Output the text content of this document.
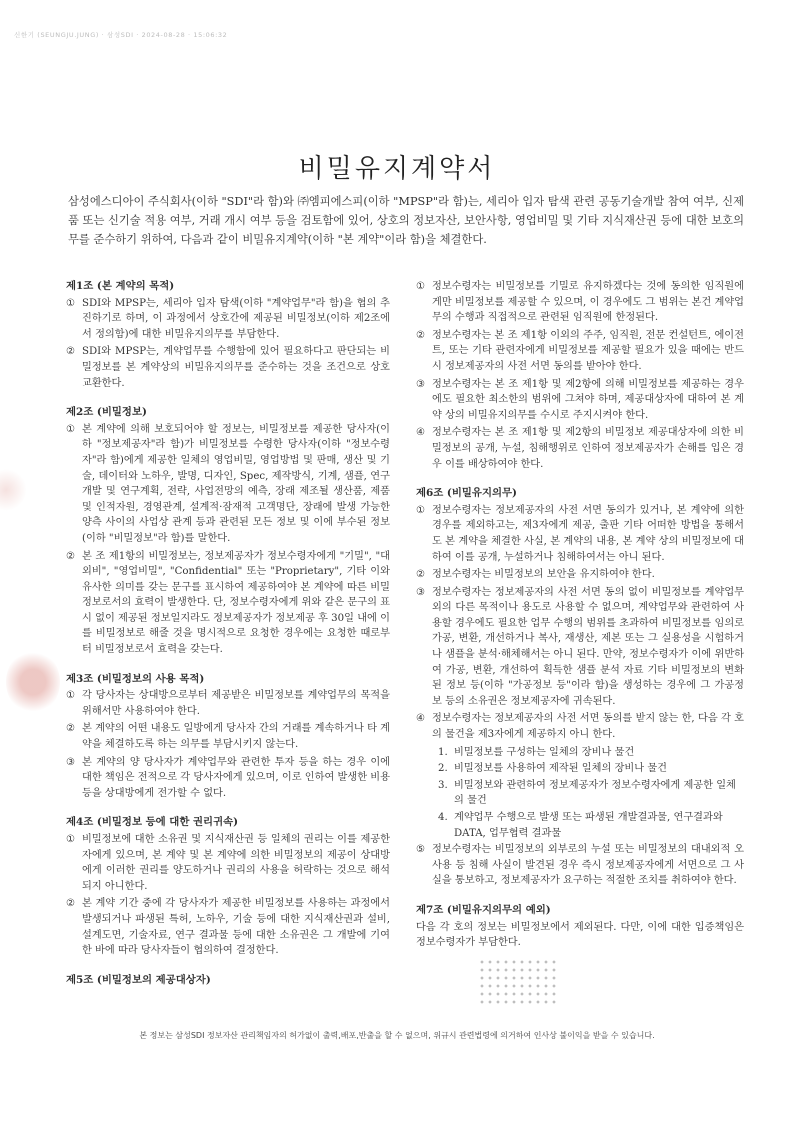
신한기 (SEUNGJU.JUNG) · 삼성SDI · 2024-08-28 · 15:06:32
비밀유지계약서
삼성에스디아이 주식회사(이하 "SDI"라 함)와 ㈜엠피에스피(이하 "MPSP"라 함)는, 세리아 입자 탐색 관련 공동기술개발 참여 여부, 신제품 또는 신기술 적용 여부, 거래 개시 여부 등을 검토함에 있어, 상호의 정보자산, 보안사항, 영업비밀 및 기타 지식재산권 등에 대한 보호의무를 준수하기 위하여, 다음과 같이 비밀유지계약(이하 "본 계약"이라 함)을 체결한다.
제1조 (본 계약의 목적)
① SDI와 MPSP는, 세리아 입자 탐색(이하 "계약업무"라 함)을 협의 추진하기로 하며, 이 과정에서 상호간에 제공된 비밀정보(이하 제2조에서 정의함)에 대한 비밀유지의무를 부담한다.
② SDI와 MPSP는, 계약업무를 수행함에 있어 필요하다고 판단되는 비밀정보를 본 계약상의 비밀유지의무를 준수하는 것을 조건으로 상호 교환한다.
제2조 (비밀정보)
① 본 계약에 의해 보호되어야 할 정보는, 비밀정보를 제공한 당사자(이하 "정보제공자"라 함)가 비밀정보를 수령한 당사자(이하 "정보수령자"라 함)에게 제공한 일체의 영업비밀, 영업방법 및 판매, 생산 및 기술, 데이터와 노하우, 발명, 디자인, Spec, 제작방식, 기계, 샘플, 연구개발 및 연구계획, 전략, 사업전망의 예측, 장래 제조될 생산품, 제품 및 인적자원, 경영관계, 설계적·잠재적 고객명단, 장래에 발생 가능한 양측 사이의 사업상 관계 등과 관련된 모든 정보 및 이에 부수된 정보(이하 "비밀정보"라 함)를 말한다.
② 본 조 제1항의 비밀정보는, 정보제공자가 정보수령자에게 "기밀", "대외비", "영업비밀", "Confidential" 또는 "Proprietary", 기타 이와 유사한 의미를 갖는 문구를 표시하여 제공하여야 본 계약에 따른 비밀정보로서의 효력이 발생한다. 단, 정보수령자에게 위와 같은 문구의 표시 없이 제공된 정보일지라도 정보제공자가 정보제공 후 30일 내에 이를 비밀정보로 해줄 것을 명시적으로 요청한 경우에는 요청한 때로부터 비밀정보로서 효력을 갖는다.
제3조 (비밀정보의 사용 목적)
① 각 당사자는 상대방으로부터 제공받은 비밀정보를 계약업무의 목적을 위해서만 사용하여야 한다.
② 본 계약의 어떤 내용도 일방에게 당사자 간의 거래를 계속하거나 타 계약을 체결하도록 하는 의무를 부담시키지 않는다.
③ 본 계약의 양 당사자가 계약업무와 관련한 투자 등을 하는 경우 이에 대한 책임은 전적으로 각 당사자에게 있으며, 이로 인하여 발생한 비용 등을 상대방에게 전가할 수 없다.
제4조 (비밀정보 등에 대한 권리귀속)
① 비밀정보에 대한 소유권 및 지식재산권 등 일체의 권리는 이를 제공한 자에게 있으며, 본 계약 및 본 계약에 의한 비밀정보의 제공이 상대방에게 이러한 권리를 양도하거나 권리의 사용을 허락하는 것으로 해석되지 아니한다.
② 본 계약 기간 중에 각 당사자가 제공한 비밀정보를 사용하는 과정에서 발생되거나 파생된 특허, 노하우, 기술 등에 대한 지식재산권과 설비, 설계도면, 기술자료, 연구 결과물 등에 대한 소유권은 그 개발에 기여한 바에 따라 당사자들이 협의하여 결정한다.
제5조 (비밀정보의 제공대상자)
① 정보수령자는 비밀정보를 기밀로 유지하겠다는 것에 동의한 임직원에게만 비밀정보를 제공할 수 있으며, 이 경우에도 그 범위는 본건 계약업무의 수행과 직접적으로 관련된 임직원에 한정된다.
② 정보수령자는 본 조 제1항 이외의 주주, 임직원, 전문 컨설턴트, 에이전트, 또는 기타 관련자에게 비밀정보를 제공할 필요가 있을 때에는 반드시 정보제공자의 사전 서면 동의를 받아야 한다.
③ 정보수령자는 본 조 제1항 및 제2항에 의해 비밀정보를 제공하는 경우에도 필요한 최소한의 범위에 그쳐야 하며, 제공대상자에 대하여 본 계약 상의 비밀유지의무를 수시로 주지시켜야 한다.
④ 정보수령자는 본 조 제1항 및 제2항의 비밀정보 제공대상자에 의한 비밀정보의 공개, 누설, 침해행위로 인하여 정보제공자가 손해를 입은 경우 이를 배상하여야 한다.
제6조 (비밀유지의무)
① 정보수령자는 정보제공자의 사전 서면 동의가 있거나, 본 계약에 의한 경우를 제외하고는, 제3자에게 제공, 출판 기타 어떠한 방법을 통해서도 본 계약을 체결한 사실, 본 계약의 내용, 본 계약 상의 비밀정보에 대하여 이를 공개, 누설하거나 침해하여서는 아니 된다.
② 정보수령자는 비밀정보의 보안을 유지하여야 한다.
③ 정보수령자는 정보제공자의 사전 서면 동의 없이 비밀정보를 계약업무 외의 다른 목적이나 용도로 사용할 수 없으며, 계약업무와 관련하여 사용할 경우에도 필요한 업무 수행의 범위를 초과하여 비밀정보를 임의로 가공, 변환, 개선하거나 복사, 재생산, 제본 또는 그 실용성을 시험하거나 샘플을 분석·해체해서는 아니 된다. 만약, 정보수령자가 이에 위반하여 가공, 변환, 개선하여 획득한 샘플 분석 자료 기타 비밀정보의 변화된 정보 등(이하 "가공정보 등"이라 함)을 생성하는 경우에 그 가공정보 등의 소유권은 정보제공자에 귀속된다.
④ 정보수령자는 정보제공자의 사전 서면 동의를 받지 않는 한, 다음 각 호의 물건을 제3자에게 제공하지 아니 한다.
1. 비밀정보를 구성하는 일체의 장비나 물건
2. 비밀정보를 사용하여 제작된 일체의 장비나 물건
3. 비밀정보와 관련하여 정보제공자가 정보수령자에게 제공한 일체의 물건
4. 계약업무 수행으로 발생 또는 파생된 개발결과물, 연구결과와 DATA, 업무협력 결과물
⑤ 정보수령자는 비밀정보의 외부로의 누설 또는 비밀정보의 대내외적 오사용 등 침해 사실이 발견된 경우 즉시 정보제공자에게 서면으로 그 사실을 통보하고, 정보제공자가 요구하는 적절한 조치를 취하여야 한다.
제7조 (비밀유지의무의 예외)
다음 각 호의 정보는 비밀정보에서 제외된다. 다만, 이에 대한 입증책임은 정보수령자가 부담한다.
본 정보는 삼성SDI 정보자산 관리책임자의 허가없이 출력,배포,반출을 할 수 없으며, 위규시 관련법령에 의거하여 인사상 불이익을 받을 수 있습니다.
